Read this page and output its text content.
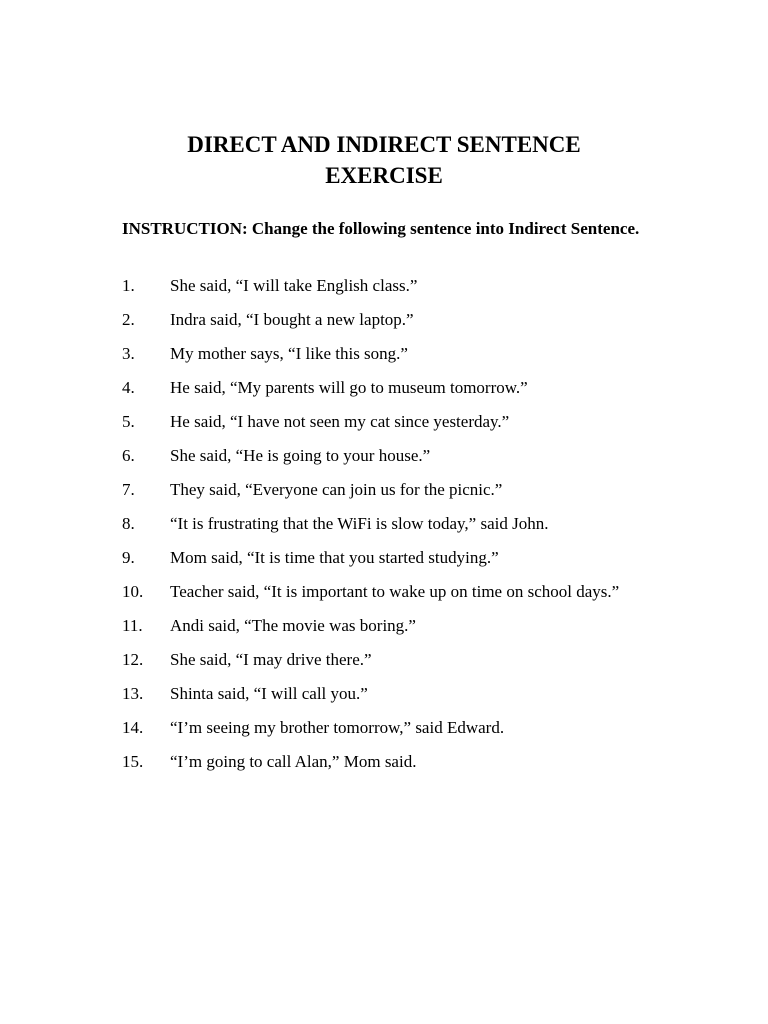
DIRECT AND INDIRECT SENTENCE
EXERCISE
INSTRUCTION: Change the following sentence into Indirect Sentence.
1. She said, “I will take English class.”
2. Indra said, “I bought a new laptop.”
3. My mother says, “I like this song.”
4. He said, “My parents will go to museum tomorrow.”
5. He said, “I have not seen my cat since yesterday.”
6. She said, “He is going to your house.”
7. They said, “Everyone can join us for the picnic.”
8. “It is frustrating that the WiFi is slow today,” said John.
9. Mom said, “It is time that you started studying.”
10. Teacher said, “It is important to wake up on time on school days.”
11. Andi said, “The movie was boring.”
12. She said, “I may drive there.”
13. Shinta said, “I will call you.”
14. “I’m seeing my brother tomorrow,” said Edward.
15. “I’m going to call Alan,” Mom said.
